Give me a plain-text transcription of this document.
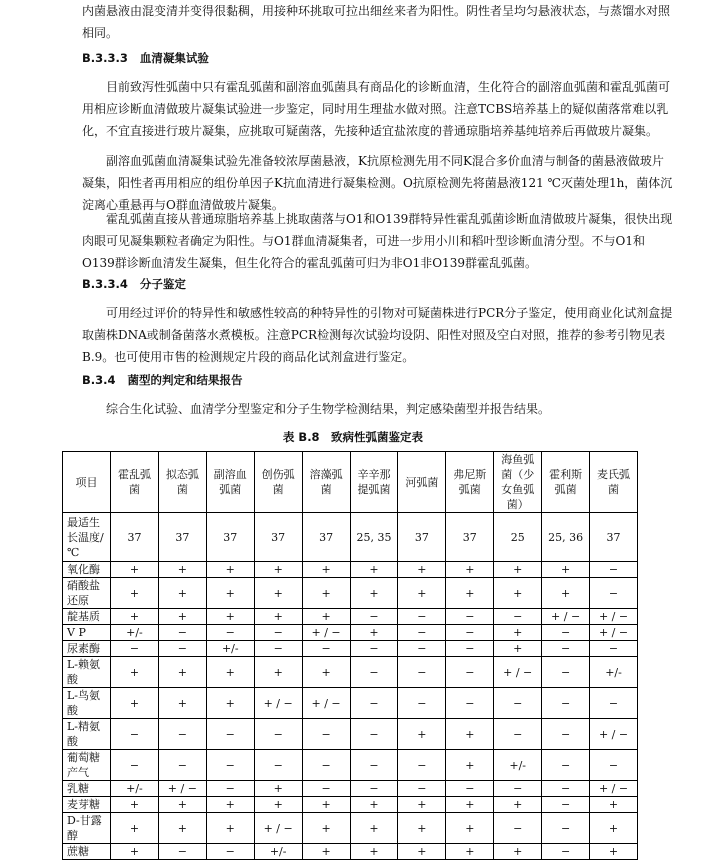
内菌悬液由混变清并变得很黏稠，用接种环挑取可拉出细丝来者为阳性。阴性者呈均匀悬液状态，与蒸馏水对照相同。

B.3.3.3 血清凝集试验

目前致泻性弧菌中只有霍乱弧菌和副溶血弧菌具有商品化的诊断血清，生化符合的副溶血弧菌和霍乱弧菌可用相应诊断血清做玻片凝集试验进一步鉴定，同时用生理盐水做对照。注意TCBS培养基上的疑似菌落常难以乳化，不宜直接进行玻片凝集，应挑取可疑菌落，先接种适宜盐浓度的普通琼脂培养基纯培养后再做玻片凝集。

副溶血弧菌血清凝集试验先准备较浓厚菌悬液，K抗原检测先用不同K混合多价血清与制备的菌悬液做玻片凝集，阳性者再用相应的组份单因子K抗血清进行凝集检测。O抗原检测先将菌悬液121 ℃灭菌处理1h，菌体沉淀离心重悬再与O群血清做玻片凝集。

霍乱弧菌直接从普通琼脂培养基上挑取菌落与O1和O139群特异性霍乱弧菌诊断血清做玻片凝集，很快出现肉眼可见凝集颗粒者确定为阳性。与O1群血清凝集者，可进一步用小川和稻叶型诊断血清分型。不与O1和O139群诊断血清发生凝集，但生化符合的霍乱弧菌可归为非O1非O139群霍乱弧菌。

B.3.3.4 分子鉴定

可用经过评价的特异性和敏感性较高的种特异性的引物对可疑菌株进行PCR分子鉴定，使用商业化试剂盒提取菌株DNA或制备菌落水煮模板。注意PCR检测每次试验均设阴、阳性对照及空白对照，推荐的参考引物见表B.9。也可使用市售的检测规定片段的商品化试剂盒进行鉴定。

B.3.4 菌型的判定和结果报告

综合生化试验、血清学分型鉴定和分子生物学检测结果，判定感染菌型并报告结果。

表 B.8　致病性弧菌鉴定表

项目	霍乱弧菌	拟态弧菌	副溶血弧菌	创伤弧菌	溶藻弧菌	辛辛那提弧菌	河弧菌	弗尼斯弧菌	海鱼弧菌（少女鱼弧菌）	霍利斯弧菌	麦氏弧菌
最适生长温度/℃	37	37	37	37	37	25, 35	37	37	25	25, 36	37
氧化酶	+	+	+	+	+	+	+	+	+	+	−
硝酸盐还原	+	+	+	+	+	+	+	+	+	+	−
靛基质	+	+	+	+	+	−	−	−	−	+ / −	+ / −
V P	+/-	−	−	−	+ / −	+	−	−	+	−	+ / −
尿素酶	−	−	+/-	−	−	−	−	−	+	−	−
L-赖氨酸	+	+	+	+	+	−	−	−	+ / −	−	+/-
L-鸟氨酸	+	+	+	+ / −	+ / −	−	−	−	−	−	−
L-精氨酸	−	−	−	−	−	−	+	+	−	−	+ / −
葡萄糖产气	−	−	−	−	−	−	−	+	+/-	−	−
乳糖	+/-	+ / −	−	+	−	−	−	−	−	−	+ / −
麦芽糖	+	+	+	+	+	+	+	+	+	−	+
D-甘露醇	+	+	+	+ / −	+	+	+	+	−	−	+
蔗糖	+	−	−	+/-	+	+	+	+	+	−	+
